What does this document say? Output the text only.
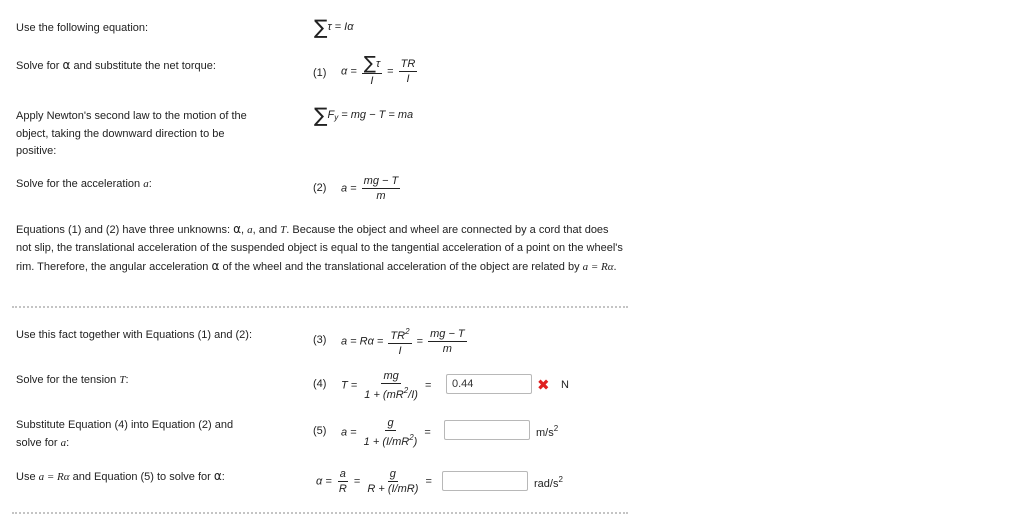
Use the following equation:	∑τ = Iα
Solve for α and substitute the net torque:
(1) $\alpha = \frac{\sum\tau}{I} = \frac{TR}{I}$
Apply Newton's second law to the motion of the object, taking the downward direction to be positive:
$\sum F_y$ = mg − T = ma
Solve for the acceleration a:	(2) $a = \frac{mg - T}{m}$
Equations (1) and (2) have three unknowns: α, a, and T. Because the object and wheel are connected by a cord that does not slip, the translational acceleration of the suspended object is equal to the tangential acceleration of a point on the wheel's rim. Therefore, the angular acceleration α of the wheel and the translational acceleration of the object are related by a = Rα.
Use this fact together with Equations (1) and (2):	(3) $a = R\alpha = \frac{TR^2}{I} = \frac{mg - T}{m}$
Solve for the tension T:	(4) $T = \frac{mg}{1 + (mR^2/I)}$ =
0.44	✖ N
Substitute Equation (4) into Equation (2) and solve for a:
(5) $a = \frac{g}{1 + (I/mR^2)}$ =	$m/s^2$
Use a = Rα and Equation (5) to solve for α:	$\alpha = \frac{a}{R} = \frac{g}{R + (I/mR)}$ =	rad/$s^2$
